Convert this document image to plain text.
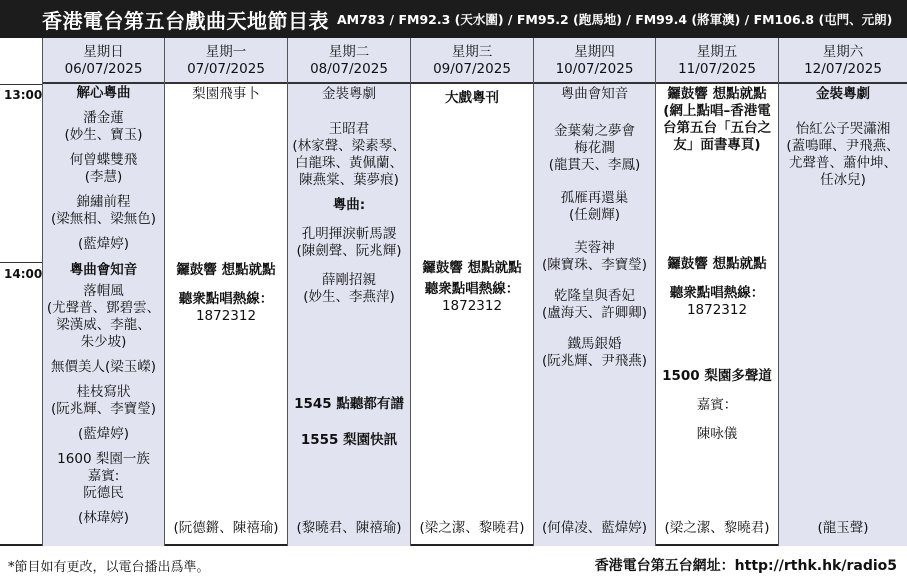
香港電台第五台戲曲天地節目表 AM783 / FM92.3 (天水圍) / FM95.2 (跑馬地) / FM99.4 (將軍澳) / FM106.8 (屯門、元朗)
13:00
14:00
星期日
06/07/2025
解心粵曲
潘金蓮
(妙生、寶玉)
何曾蝶雙飛
(李慧)
錦繡前程
(梁無相、梁無色)
(藍煒婷)
粵曲會知音
落帽風
(尤聲普、鄧碧雲、
梁漢威、李龍、
朱少坡)
無價美人(梁玉嶸)
桂枝寫狀
(阮兆輝、李寶瑩)
(藍煒婷)
1600 梨園一族
嘉賓:
阮德民
(林瑋婷)
星期一
07/07/2025
梨園飛事卜
鑼鼓響 想點就點
聽衆點唱熱線：
1872312
(阮德鏘、陳禧瑜)
星期二
08/07/2025
金裝粵劇
王昭君
(林家聲、梁素琴、
白龍珠、黃佩蘭、
陳燕棠、葉夢痕)
粵曲:
孔明揮淚斬馬謖
(陳劍聲、阮兆輝)
薛剛招親
(妙生、李燕萍)
1545 點聽都有譜
1555 梨園快訊
(黎曉君、陳禧瑜)
星期三
09/07/2025
大戲粵刊
鑼鼓響 想點就點
聽衆點唱熱線：
1872312
(梁之潔、黎曉君)
星期四
10/07/2025
粵曲會知音
金葉菊之夢會
梅花澗
(龍貫天、李鳳)
孤雁再還巢
(任劍輝)
芙蓉神
(陳寶珠、李寶瑩)
乾隆皇與香妃
(盧海天、許卿卿)
鐵馬銀婚
(阮兆輝、尹飛燕)
(何偉凌、藍煒婷)
星期五
11/07/2025
鑼鼓響 想點就點
(網上點唱–香港電
台第五台「五台之
友」面書專頁)
鑼鼓響 想點就點
聽衆點唱熱線：
1872312
1500 梨園多聲道
嘉賓：
陳咏儀
(梁之潔、黎曉君)
星期六
12/07/2025
金裝粵劇
怡紅公子哭瀟湘
(蓋鳴暉、尹飛燕、
尤聲普、蕭仲坤、
任冰兒)
(龍玉聲)
*節目如有更改，以電台播出爲準。	香港電台第五台網址：http://rthk.hk/radio5
